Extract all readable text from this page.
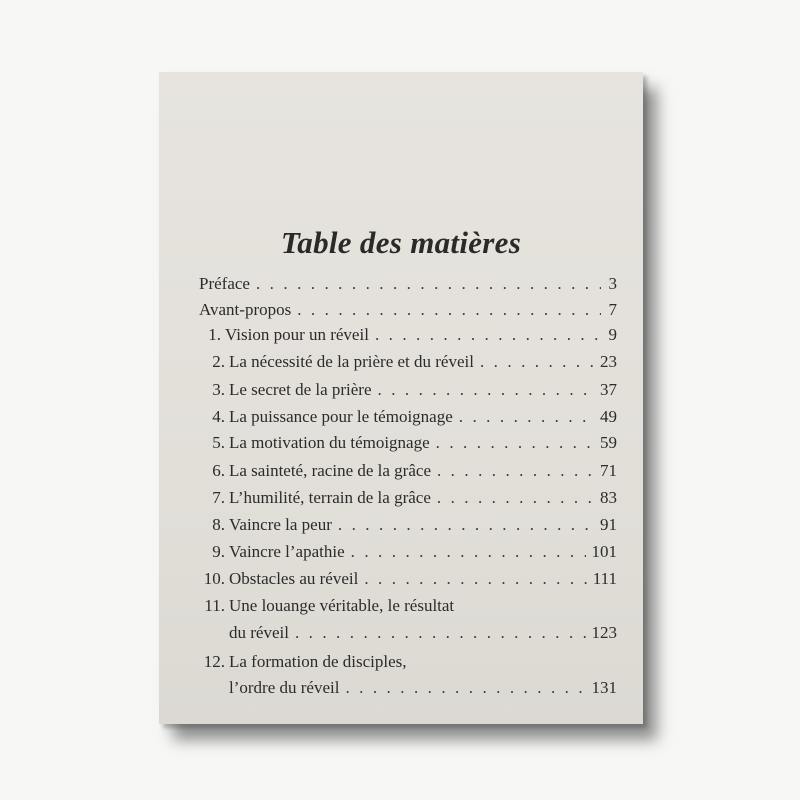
Table des matières
Préface . . .	3
Avant-propos . . .	7
1. Vision pour un réveil . . .	9
2. La nécessité de la prière et du réveil . . .	23
3. Le secret de la prière . . .	37
4. La puissance pour le témoignage . . .	49
5. La motivation du témoignage . . .	59
6. La sainteté, racine de la grâce . . .	71
7. L’humilité, terrain de la grâce . . .	83
8. Vaincre la peur . . .	91
9. Vaincre l’apathie . . .	101
10. Obstacles au réveil . . .	111
11. Une louange véritable, le résultat
du réveil . . .	123
12. La formation de disciples,
l’ordre du réveil . . .	131
